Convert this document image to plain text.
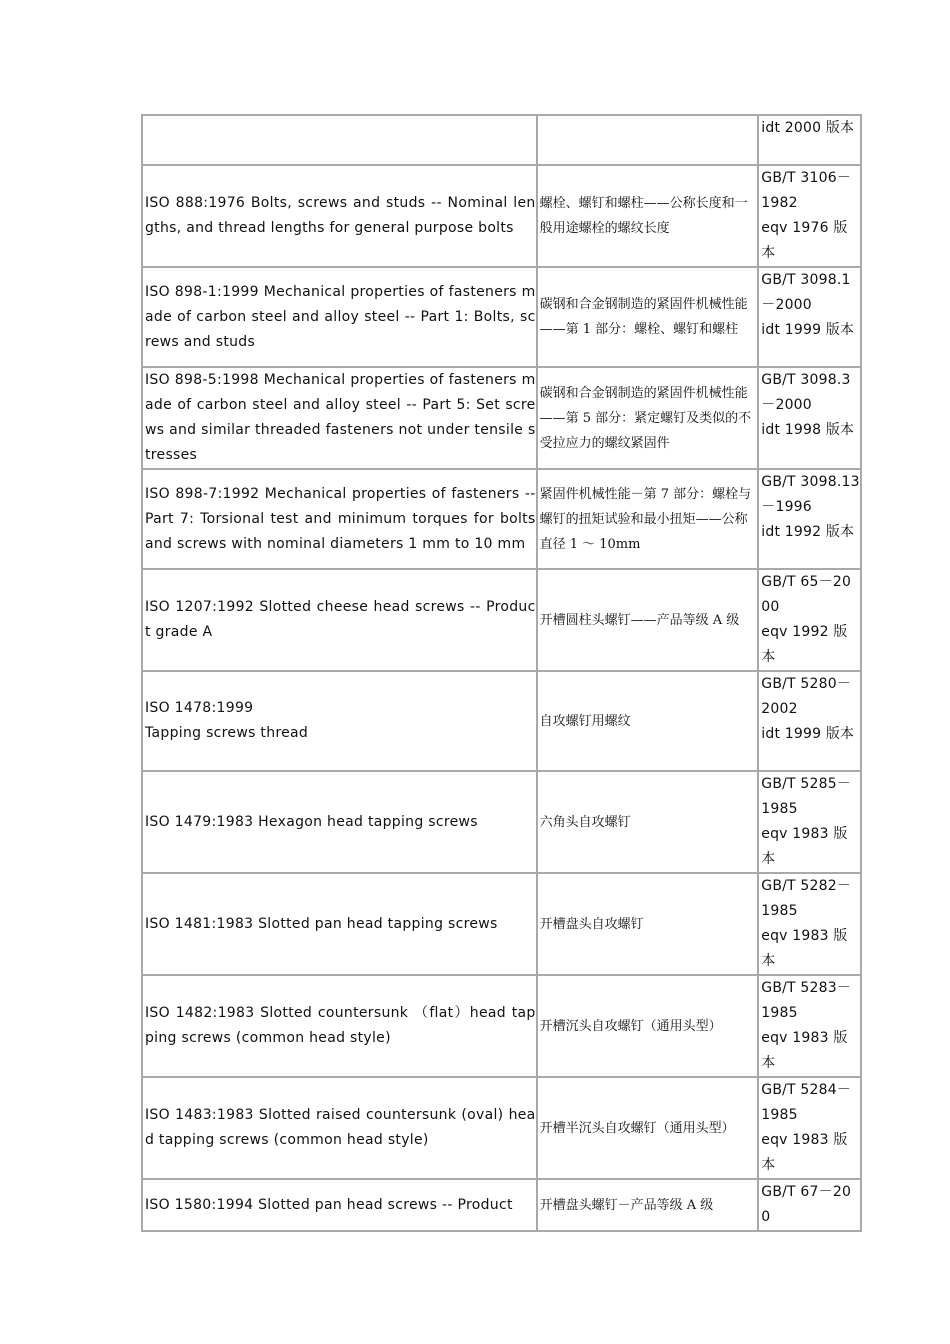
		idt 2000 版本

ISO 888:1976 Bolts, screws and studs -- Nominal lengths, and thread lengths for general purpose bolts	螺栓、螺钉和螺柱——公称长度和一般用途螺栓的螺纹长度	GB/T 3106－1982
eqv 1976 版本

ISO 898-1:1999 Mechanical properties of fasteners made of carbon steel and alloy steel -- Part 1: Bolts, screws and studs	碳钢和合金钢制造的紧固件机械性能——第 1 部分：螺栓、螺钉和螺柱	GB/T 3098.1－2000
idt 1999 版本

ISO 898-5:1998 Mechanical properties of fasteners made of carbon steel and alloy steel -- Part 5: Set screws and similar threaded fasteners not under tensile stresses	碳钢和合金钢制造的紧固件机械性能——第 5 部分：紧定螺钉及类似的不受拉应力的螺纹紧固件	GB/T 3098.3－2000
idt 1998 版本

ISO 898-7:1992 Mechanical properties of fasteners -- Part 7: Torsional test and minimum torques for bolts and screws with nominal diameters 1 mm to 10 mm	紧固件机械性能－第 7 部分：螺栓与螺钉的扭矩试验和最小扭矩——公称直径 1 ～ 10mm	GB/T 3098.13－1996
idt 1992 版本

ISO 1207:1992 Slotted cheese head screws -- Product grade A	开槽圆柱头螺钉——产品等级 A 级	GB/T 65－2000
eqv 1992 版本

ISO 1478:1999
Tapping screws thread	自攻螺钉用螺纹	GB/T 5280－2002
idt 1999 版本

ISO 1479:1983 Hexagon head tapping screws	六角头自攻螺钉	GB/T 5285－1985
eqv 1983 版本

ISO 1481:1983 Slotted pan head tapping screws	开槽盘头自攻螺钉	GB/T 5282－1985
eqv 1983 版本

ISO 1482:1983 Slotted countersunk （flat）head tapping screws (common head style)	开槽沉头自攻螺钉（通用头型）	GB/T 5283－1985
eqv 1983 版本

ISO 1483:1983 Slotted raised countersunk (oval) head tapping screws (common head style)	开槽半沉头自攻螺钉（通用头型）	GB/T 5284－1985
eqv 1983 版本

ISO 1580:1994 Slotted pan head screws -- Product	开槽盘头螺钉－产品等级 A 级	GB/T 67－200
